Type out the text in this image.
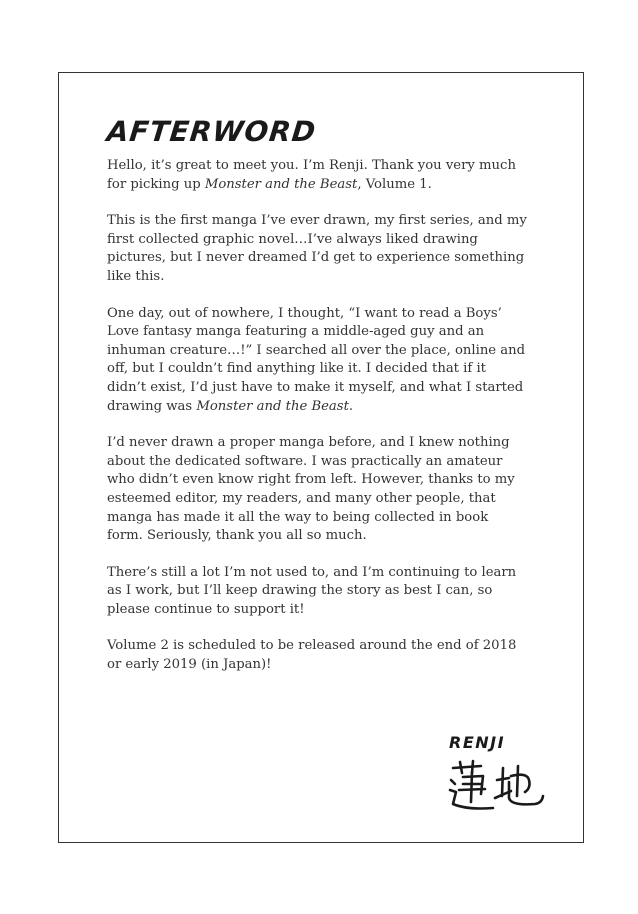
AFTERWORD

Hello, it’s great to meet you. I’m Renji. Thank you very much for picking up Monster and the Beast, Volume 1.

This is the first manga I’ve ever drawn, my first series, and my first collected graphic novel…I’ve always liked drawing pictures, but I never dreamed I’d get to experience something like this.

One day, out of nowhere, I thought, “I want to read a Boys’ Love fantasy manga featuring a middle-aged guy and an inhuman creature…!” I searched all over the place, online and off, but I couldn’t find anything like it. I decided that if it didn’t exist, I’d just have to make it myself, and what I started drawing was Monster and the Beast.

I’d never drawn a proper manga before, and I knew nothing about the dedicated software. I was practically an amateur who didn’t even know right from left. However, thanks to my esteemed editor, my readers, and many other people, that manga has made it all the way to being collected in book form. Seriously, thank you all so much.

There’s still a lot I’m not used to, and I’m continuing to learn as I work, but I’ll keep drawing the story as best I can, so please continue to support it!

Volume 2 is scheduled to be released around the end of 2018 or early 2019 (in Japan)!

RENJI
